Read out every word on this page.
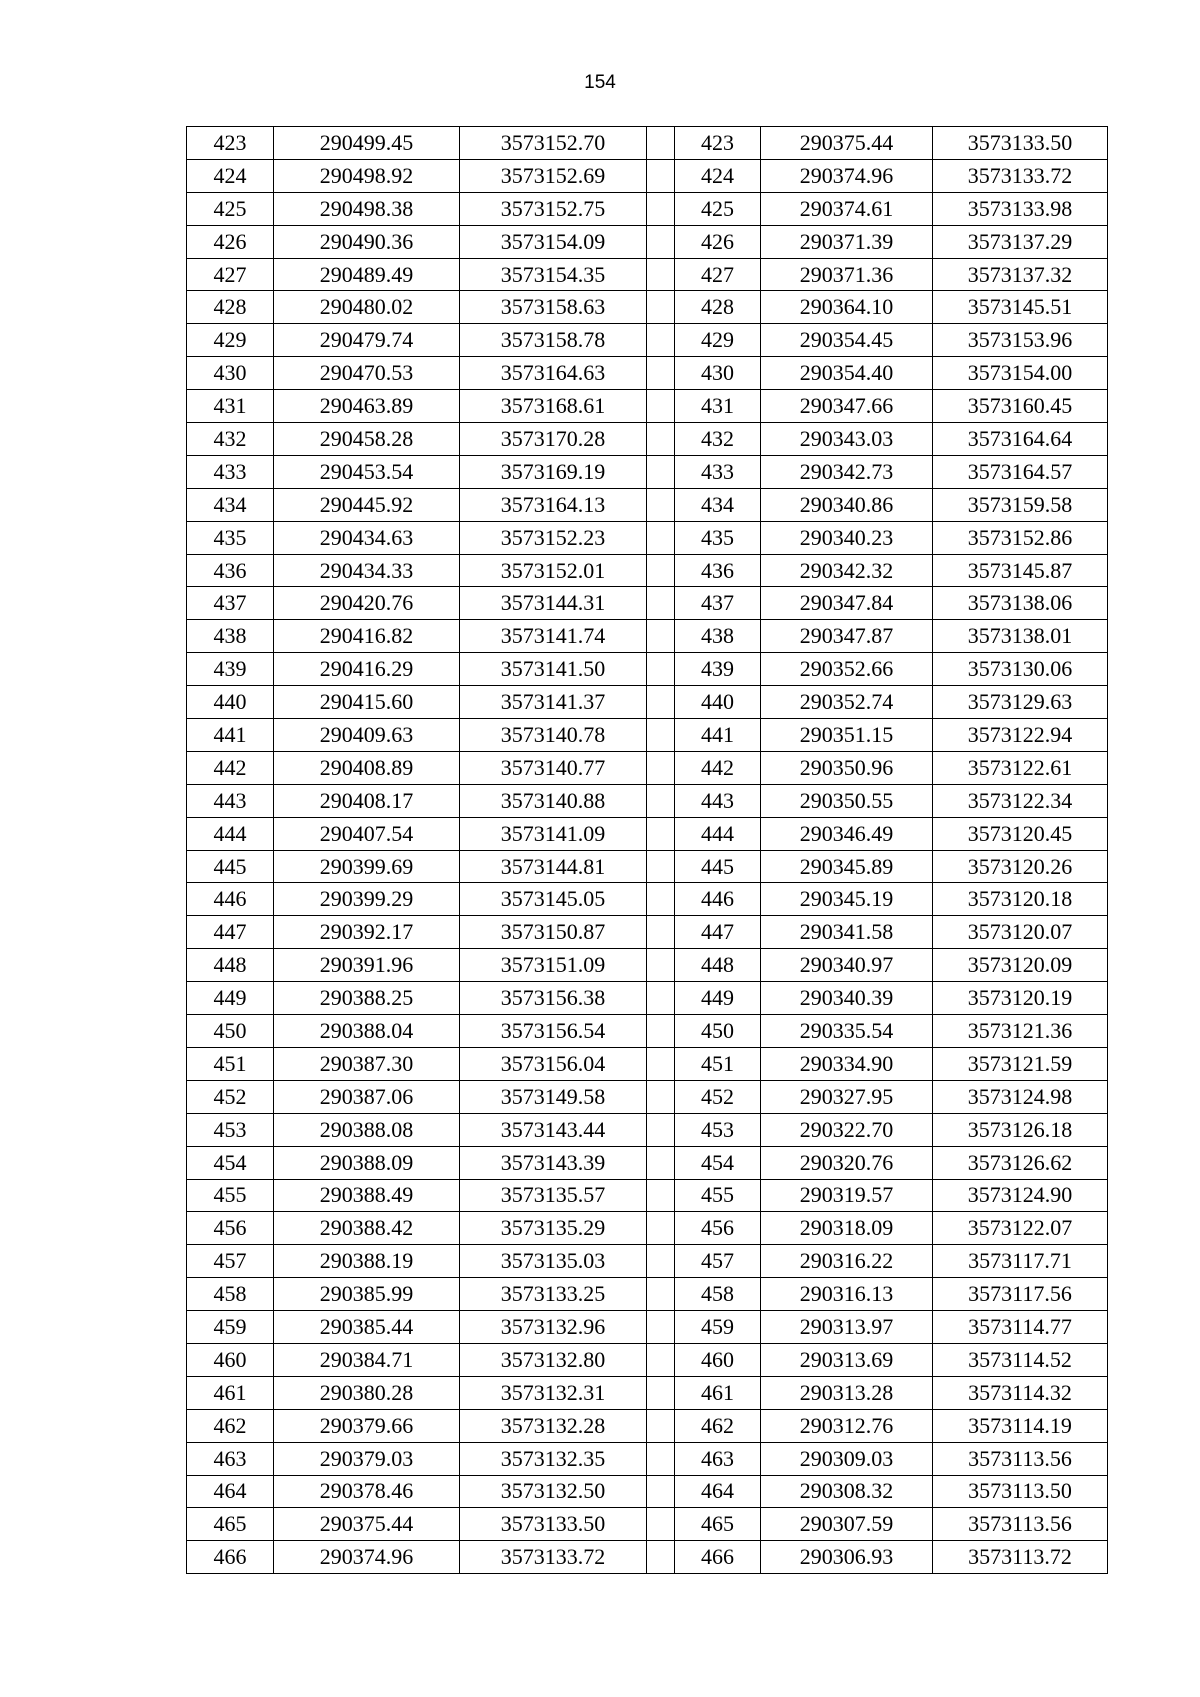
154
423	290499.45	3573152.70		423	290375.44	3573133.50
424	290498.92	3573152.69		424	290374.96	3573133.72
425	290498.38	3573152.75		425	290374.61	3573133.98
426	290490.36	3573154.09		426	290371.39	3573137.29
427	290489.49	3573154.35		427	290371.36	3573137.32
428	290480.02	3573158.63		428	290364.10	3573145.51
429	290479.74	3573158.78		429	290354.45	3573153.96
430	290470.53	3573164.63		430	290354.40	3573154.00
431	290463.89	3573168.61		431	290347.66	3573160.45
432	290458.28	3573170.28		432	290343.03	3573164.64
433	290453.54	3573169.19		433	290342.73	3573164.57
434	290445.92	3573164.13		434	290340.86	3573159.58
435	290434.63	3573152.23		435	290340.23	3573152.86
436	290434.33	3573152.01		436	290342.32	3573145.87
437	290420.76	3573144.31		437	290347.84	3573138.06
438	290416.82	3573141.74		438	290347.87	3573138.01
439	290416.29	3573141.50		439	290352.66	3573130.06
440	290415.60	3573141.37		440	290352.74	3573129.63
441	290409.63	3573140.78		441	290351.15	3573122.94
442	290408.89	3573140.77		442	290350.96	3573122.61
443	290408.17	3573140.88		443	290350.55	3573122.34
444	290407.54	3573141.09		444	290346.49	3573120.45
445	290399.69	3573144.81		445	290345.89	3573120.26
446	290399.29	3573145.05		446	290345.19	3573120.18
447	290392.17	3573150.87		447	290341.58	3573120.07
448	290391.96	3573151.09		448	290340.97	3573120.09
449	290388.25	3573156.38		449	290340.39	3573120.19
450	290388.04	3573156.54		450	290335.54	3573121.36
451	290387.30	3573156.04		451	290334.90	3573121.59
452	290387.06	3573149.58		452	290327.95	3573124.98
453	290388.08	3573143.44		453	290322.70	3573126.18
454	290388.09	3573143.39		454	290320.76	3573126.62
455	290388.49	3573135.57		455	290319.57	3573124.90
456	290388.42	3573135.29		456	290318.09	3573122.07
457	290388.19	3573135.03		457	290316.22	3573117.71
458	290385.99	3573133.25		458	290316.13	3573117.56
459	290385.44	3573132.96		459	290313.97	3573114.77
460	290384.71	3573132.80		460	290313.69	3573114.52
461	290380.28	3573132.31		461	290313.28	3573114.32
462	290379.66	3573132.28		462	290312.76	3573114.19
463	290379.03	3573132.35		463	290309.03	3573113.56
464	290378.46	3573132.50		464	290308.32	3573113.50
465	290375.44	3573133.50		465	290307.59	3573113.56
466	290374.96	3573133.72		466	290306.93	3573113.72
